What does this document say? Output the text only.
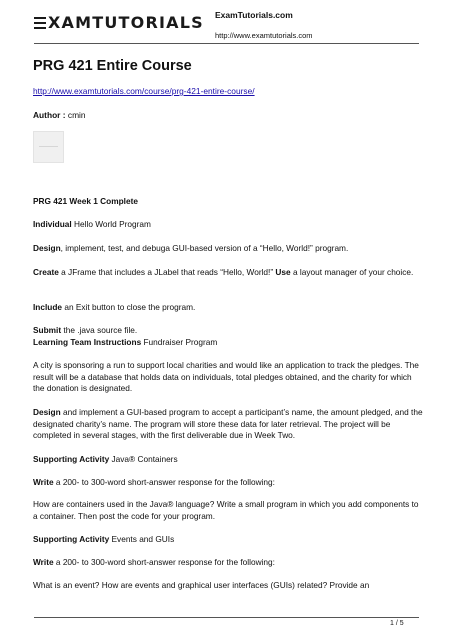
XAMTUTORIALS ExamTutorials.com
http://www.examtutorials.com
PRG 421 Entire Course
http://www.examtutorials.com/course/prg-421-entire-course/
Author : cmin
PRG 421 Week 1 Complete
Individual Hello World Program
Design, implement, test, and debuga GUI-based version of a “Hello, World!” program.
Create a JFrame that includes a JLabel that reads “Hello, World!” Use a layout manager of your choice.
Include an Exit button to close the program.
Submit the .java source file.
Learning Team Instructions Fundraiser Program
A city is sponsoring a run to support local charities and would like an application to track the pledges. The result will be a database that holds data on individuals, total pledges obtained, and the charity for which the donation is designated.
Design and implement a GUI-based program to accept a participant’s name, the amount pledged, and the designated charity’s name. The program will store these data for later retrieval. The project will be completed in several stages, with the first deliverable due in Week Two.
Supporting Activity Java® Containers
Write a 200- to 300-word short-answer response for the following:
How are containers used in the Java® language? Write a small program in which you add components to a container. Then post the code for your program.
Supporting Activity Events and GUIs
Write a 200- to 300-word short-answer response for the following:
What is an event? How are events and graphical user interfaces (GUIs) related? Provide an
1 / 5
